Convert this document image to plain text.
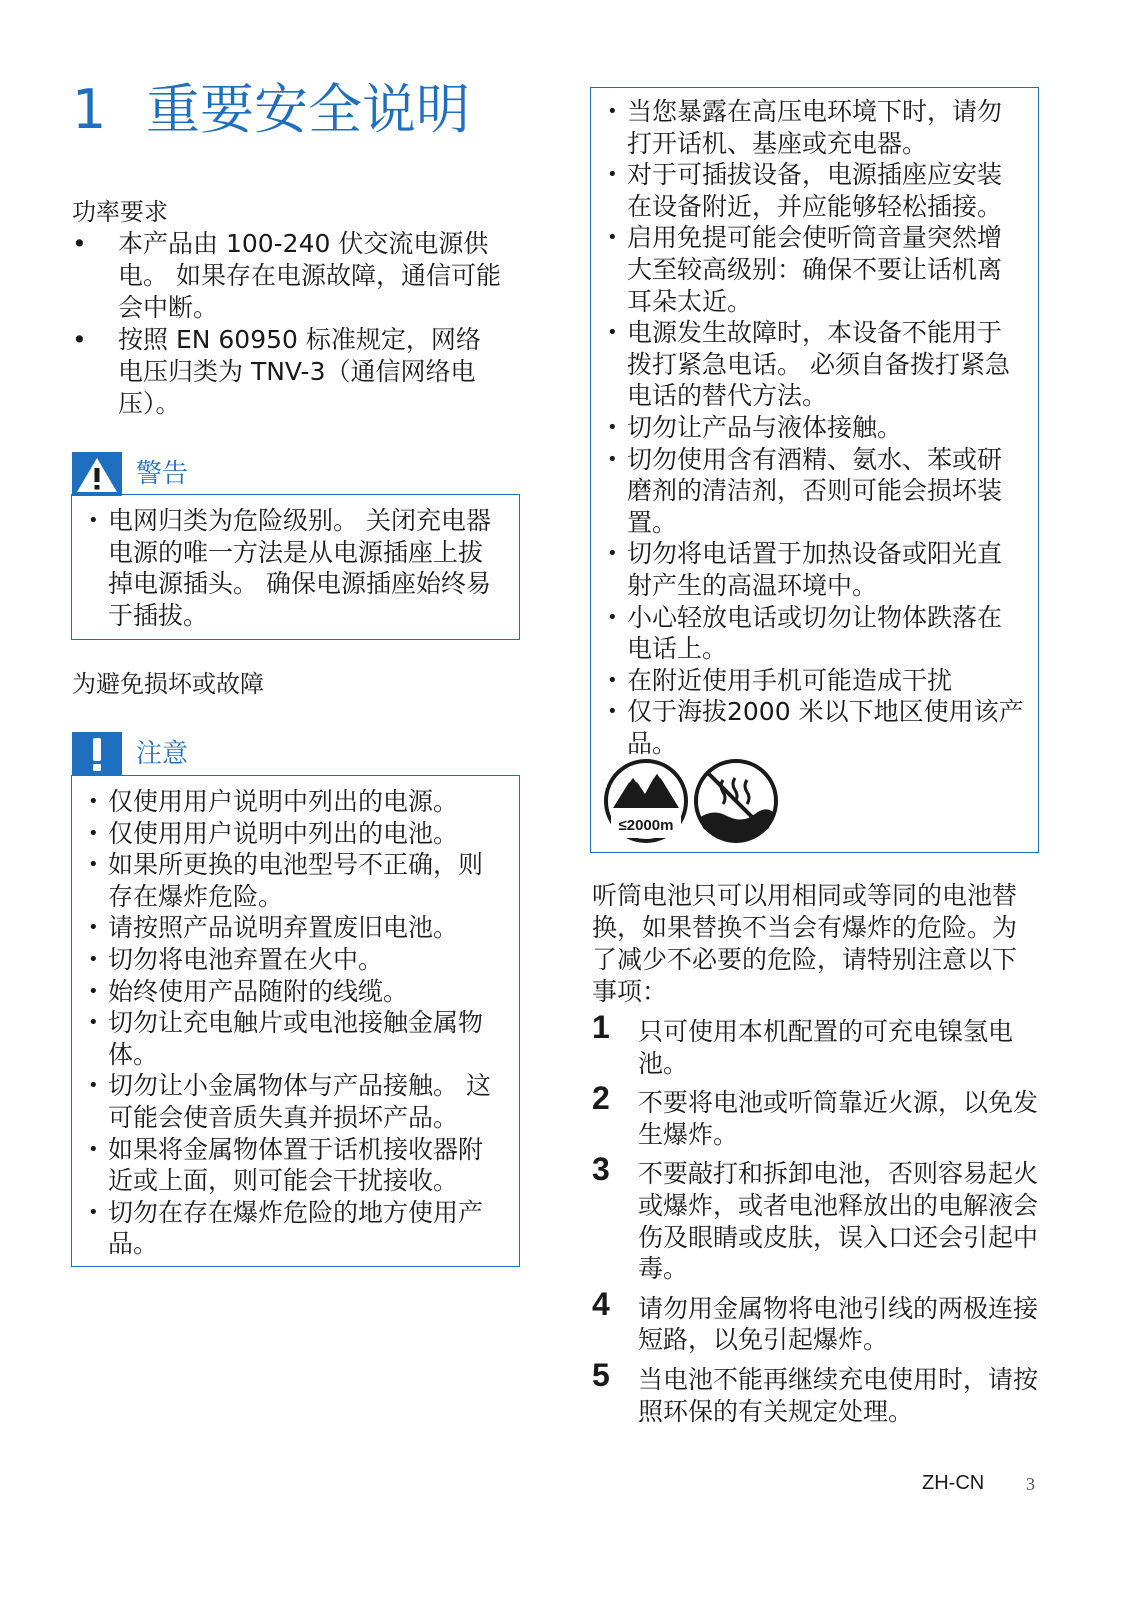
1 重要安全说明
功率要求
• 本产品由 100-240 伏交流电源供电。 如果存在电源故障，通信可能会中断。
• 按照 EN 60950 标准规定，网络电压归类为 TNV-3（通信网络电压）。
警告
• 电网归类为危险级别。 关闭充电器电源的唯一方法是从电源插座上拔掉电源插头。 确保电源插座始终易于插拔。
为避免损坏或故障
注意
• 仅使用用户说明中列出的电源。
• 仅使用用户说明中列出的电池。
• 如果所更换的电池型号不正确，则存在爆炸危险。
• 请按照产品说明弃置废旧电池。
• 切勿将电池弃置在火中。
• 始终使用产品随附的线缆。
• 切勿让充电触片或电池接触金属物体。
• 切勿让小金属物体与产品接触。 这可能会使音质失真并损坏产品。
• 如果将金属物体置于话机接收器附近或上面，则可能会干扰接收。
• 切勿在存在爆炸危险的地方使用产品。
• 当您暴露在高压电环境下时，请勿打开话机、基座或充电器。
• 对于可插拔设备，电源插座应安装在设备附近，并应能够轻松插接。
• 启用免提可能会使听筒音量突然增大至较高级别：确保不要让话机离耳朵太近。
• 电源发生故障时，本设备不能用于拨打紧急电话。 必须自备拨打紧急电话的替代方法。
• 切勿让产品与液体接触。
• 切勿使用含有酒精、氨水、苯或研磨剂的清洁剂，否则可能会损坏装置。
• 切勿将电话置于加热设备或阳光直射产生的高温环境中。
• 小心轻放电话或切勿让物体跌落在电话上。
• 在附近使用手机可能造成干扰
• 仅于海拔2000 米以下地区使用该产品。
≤2000m

听筒电池只可以用相同或等同的电池替换，如果替换不当会有爆炸的危险。为了减少不必要的危险，请特别注意以下事项：

1 只可使用本机配置的可充电镍氢电池。
2 不要将电池或听筒靠近火源，以免发生爆炸。
3 不要敲打和拆卸电池，否则容易起火或爆炸，或者电池释放出的电解液会伤及眼睛或皮肤，误入口还会引起中毒。
4 请勿用金属物将电池引线的两极连接短路，以免引起爆炸。
5 当电池不能再继续充电使用时，请按照环保的有关规定处理。
ZH-CN 3
